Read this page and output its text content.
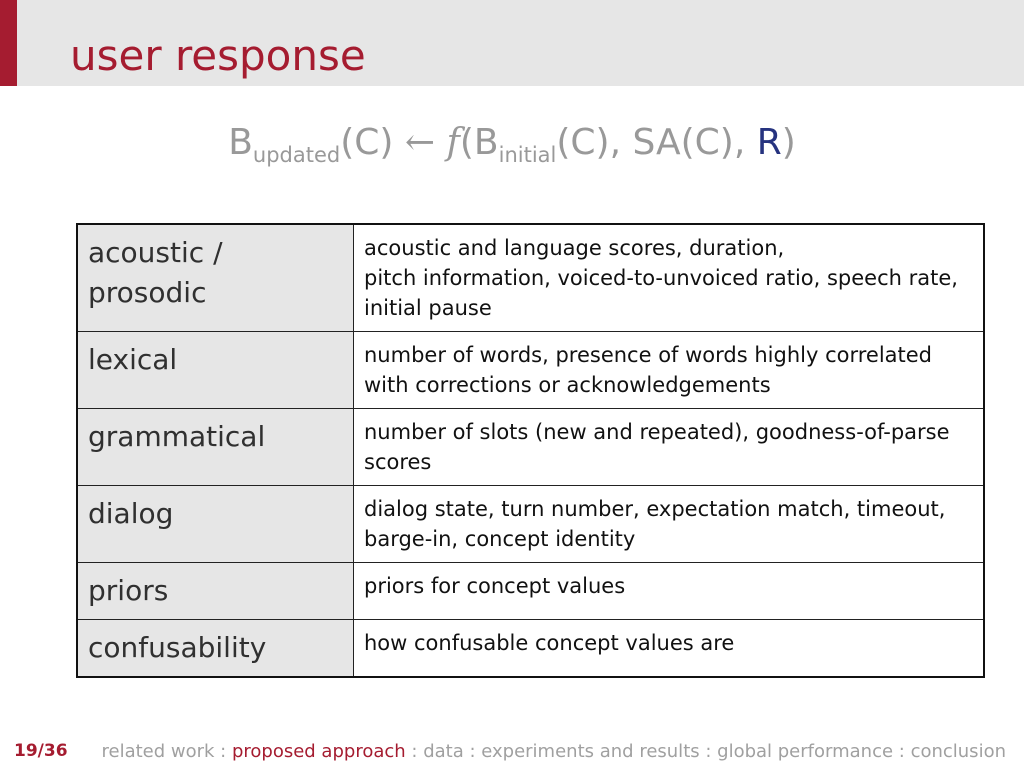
user response
$B_{updated}(C)$ ← $f(B_{initial}(C)$, SA(C), R)
acoustic / prosodic	acoustic and language scores, duration,
pitch information, voiced-to-unvoiced ratio, speech rate, initial pause

lexical	number of words, presence of words highly correlated with corrections or acknowledgements

grammatical	number of slots (new and repeated), goodness-of-parse scores

dialog	dialog state, turn number, expectation match, timeout, barge-in, concept identity

priors	priors for concept values

confusability	how confusable concept values are
19/36 related work : proposed approach : data : experiments and results : global performance : conclusion
